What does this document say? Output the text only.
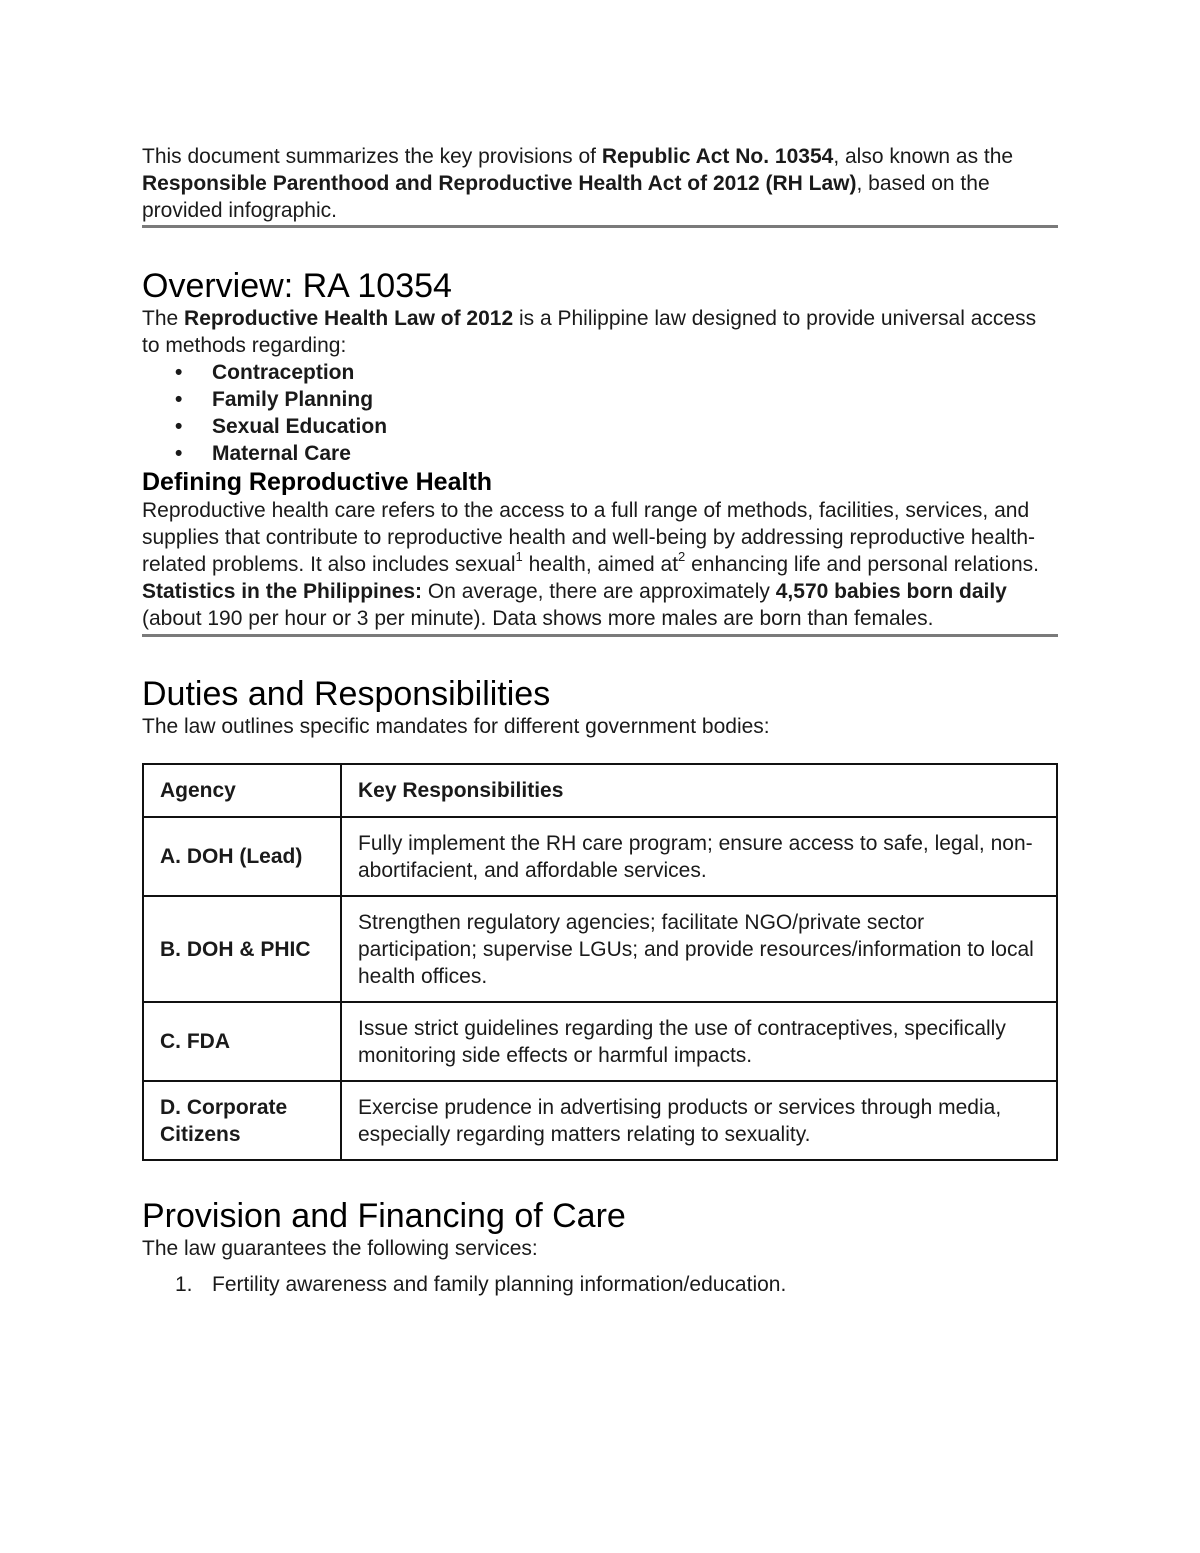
This document summarizes the key provisions of Republic Act No. 10354, also known as the Responsible Parenthood and Reproductive Health Act of 2012 (RH Law), based on the provided infographic.

Overview: RA 10354

The Reproductive Health Law of 2012 is a Philippine law designed to provide universal access to methods regarding:

• Contraception
• Family Planning
• Sexual Education
• Maternal Care
Defining Reproductive Health

Reproductive health care refers to the access to a full range of methods, facilities, services, and supplies that contribute to reproductive health and well-being by addressing reproductive health-related problems. It also includes sexual$^1$ health, aimed $at^2$ enhancing life and personal relations.

Statistics in the Philippines: On average, there are approximately 4,570 babies born daily (about 190 per hour or 3 per minute). Data shows more males are born than females.

Duties and Responsibilities

The law outlines specific mandates for different government bodies:

Agency	Key Responsibilities
A. DOH (Lead)	Fully implement the RH care program; ensure access to safe, legal, non-abortifacient, and affordable services.
B. DOH & PHIC	Strengthen regulatory agencies; facilitate NGO/private sector participation; supervise LGUs; and provide resources/information to local health offices.
C. FDA	Issue strict guidelines regarding the use of contraceptives, specifically monitoring side effects or harmful impacts.
D. Corporate Citizens	Exercise prudence in advertising products or services through media, especially regarding matters relating to sexuality.
Provision and Financing of Care

The law guarantees the following services:

1. Fertility awareness and family planning information/education.
